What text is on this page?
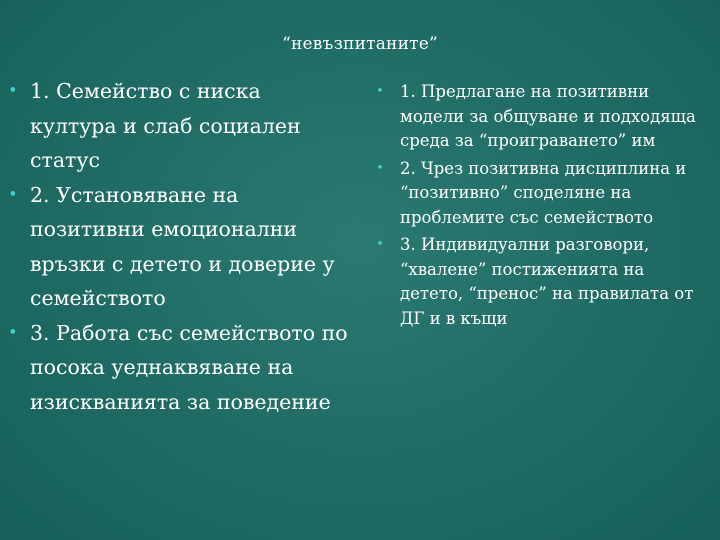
“невъзпитаните”
• 1. Семейство с ниска култура и слаб социален статус
• 2. Установяване на позитивни емоционални връзки с детето и доверие у семейството
• 3. Работа със семейството по посока уеднаквяване на изискванията за поведение
• 1. Предлагане на позитивни модели за общуване и подходяща среда за “проиграването” им
• 2. Чрез позитивна дисциплина и “позитивно” споделяне на проблемите със семейството
• 3. Индивидуални разговори, “хвалене” постиженията на детето, “пренос” на правилата от ДГ и в къщи
